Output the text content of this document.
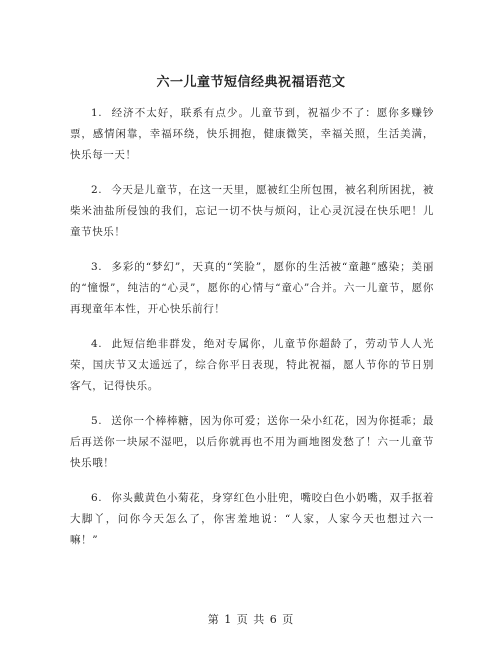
六一儿童节短信经典祝福语范文

1. 经济不太好，联系有点少。儿童节到，祝福少不了：愿你多赚钞票，感情闲靠，幸福环绕，快乐拥抱，健康微笑，幸福关照，生活美满，快乐每一天！

2. 今天是儿童节，在这一天里，愿被红尘所包围，被名利所困扰，被柴米油盐所侵蚀的我们，忘记一切不快与烦闷，让心灵沉浸在快乐吧！儿童节快乐！

3. 多彩的“梦幻”，天真的“笑脸”，愿你的生活被“童趣”感染；美丽的“憧憬”，纯洁的“心灵”，愿你的心情与“童心”合并。六一儿童节，愿你再现童年本性，开心快乐前行！

4. 此短信绝非群发，绝对专属你，儿童节你超龄了，劳动节人人光荣，国庆节又太遥远了，综合你平日表现，特此祝福，愿人节你的节日别客气，记得快乐。

5. 送你一个棒棒糖，因为你可爱；送你一朵小红花，因为你挺乖；最后再送你一块尿不湿吧，以后你就再也不用为画地图发愁了！六一儿童节快乐哦！

6. 你头戴黄色小菊花，身穿红色小肚兜，嘴咬白色小奶嘴，双手抠着大脚丫，问你今天怎么了，你害羞地说：“人家，人家今天也想过六一嘛！”

第 1 页 共 6 页
